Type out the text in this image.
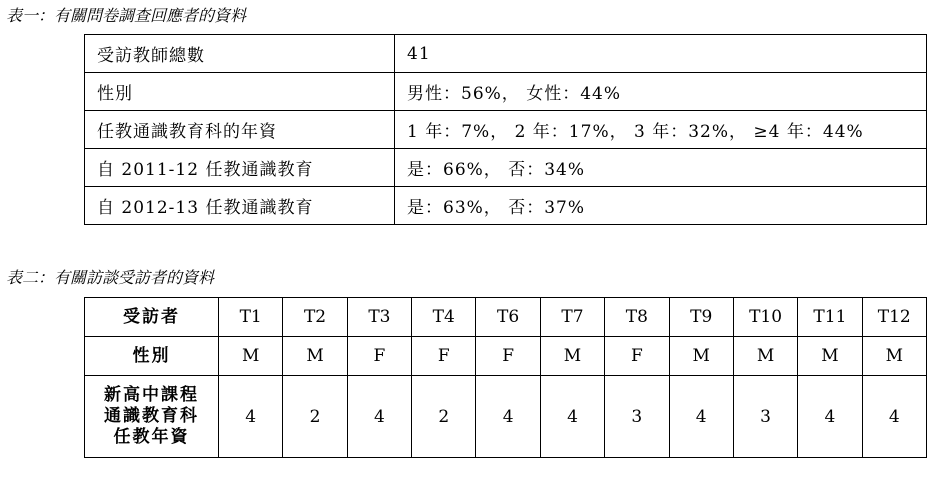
表一：有關問卷調查回應者的資料
受訪教師總數	41
性別	男性：56%， 女性：44%
任教通識教育科的年資	1 年：7%， 2 年：17%， 3 年：32%， ≥4 年：44%
自 2011-12 任教通識教育	是：66%， 否：34%
自 2012-13 任教通識教育	是：63%， 否：37%
表二：有關訪談受訪者的資料
受訪者	T1	T2	T3	T4	T6	T7	T8	T9	T10	T11	T12
性別	M	M	F	F	F	M	F	M	M	M	M

新高中課程
通識教育科
任教年資	4	2	4	2	4	4	3	4	3	4	4
